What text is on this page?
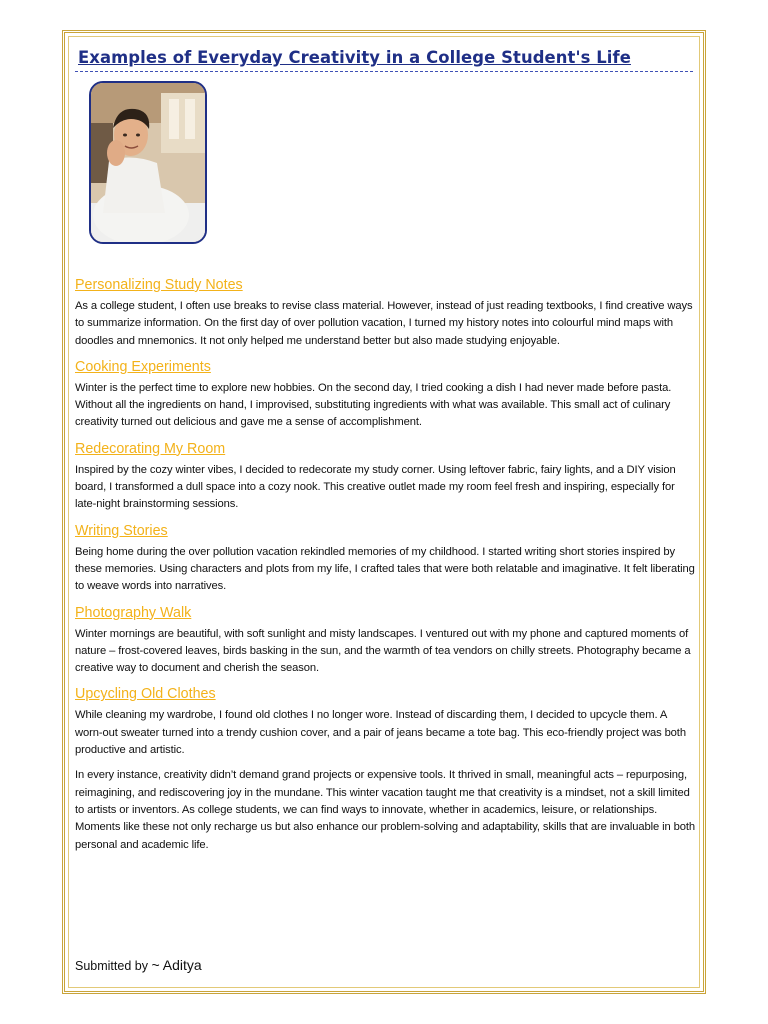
Examples of Everyday Creativity in a College Student's Life
Personalizing Study Notes

As a college student, I often use breaks to revise class material. However, instead of just reading textbooks, I find creative ways to summarize information. On the first day of over pollution vacation, I turned my history notes into colourful mind maps with doodles and mnemonics. It not only helped me understand better but also made studying enjoyable.

Cooking Experiments

Winter is the perfect time to explore new hobbies. On the second day, I tried cooking a dish I had never made before pasta. Without all the ingredients on hand, I improvised, substituting ingredients with what was available. This small act of culinary creativity turned out delicious and gave me a sense of accomplishment.

Redecorating My Room

Inspired by the cozy winter vibes, I decided to redecorate my study corner. Using leftover fabric, fairy lights, and a DIY vision board, I transformed a dull space into a cozy nook. This creative outlet made my room feel fresh and inspiring, especially for late-night brainstorming sessions.

Writing Stories

Being home during the over pollution vacation rekindled memories of my childhood. I started writing short stories inspired by these memories. Using characters and plots from my life, I crafted tales that were both relatable and imaginative. It felt liberating to weave words into narratives.

Photography Walk

Winter mornings are beautiful, with soft sunlight and misty landscapes. I ventured out with my phone and captured moments of nature – frost-covered leaves, birds basking in the sun, and the warmth of tea vendors on chilly streets. Photography became a creative way to document and cherish the season.

Upcycling Old Clothes

While cleaning my wardrobe, I found old clothes I no longer wore. Instead of discarding them, I decided to upcycle them. A worn-out sweater turned into a trendy cushion cover, and a pair of jeans became a tote bag. This eco-friendly project was both productive and artistic.

In every instance, creativity didn’t demand grand projects or expensive tools. It thrived in small, meaningful acts – repurposing, reimagining, and rediscovering joy in the mundane. This winter vacation taught me that creativity is a mindset, not a skill limited to artists or inventors. As college students, we can find ways to innovate, whether in academics, leisure, or relationships. Moments like these not only recharge us but also enhance our problem-solving and adaptability, skills that are invaluable in both personal and academic life.

Submitted by ~ Aditya
